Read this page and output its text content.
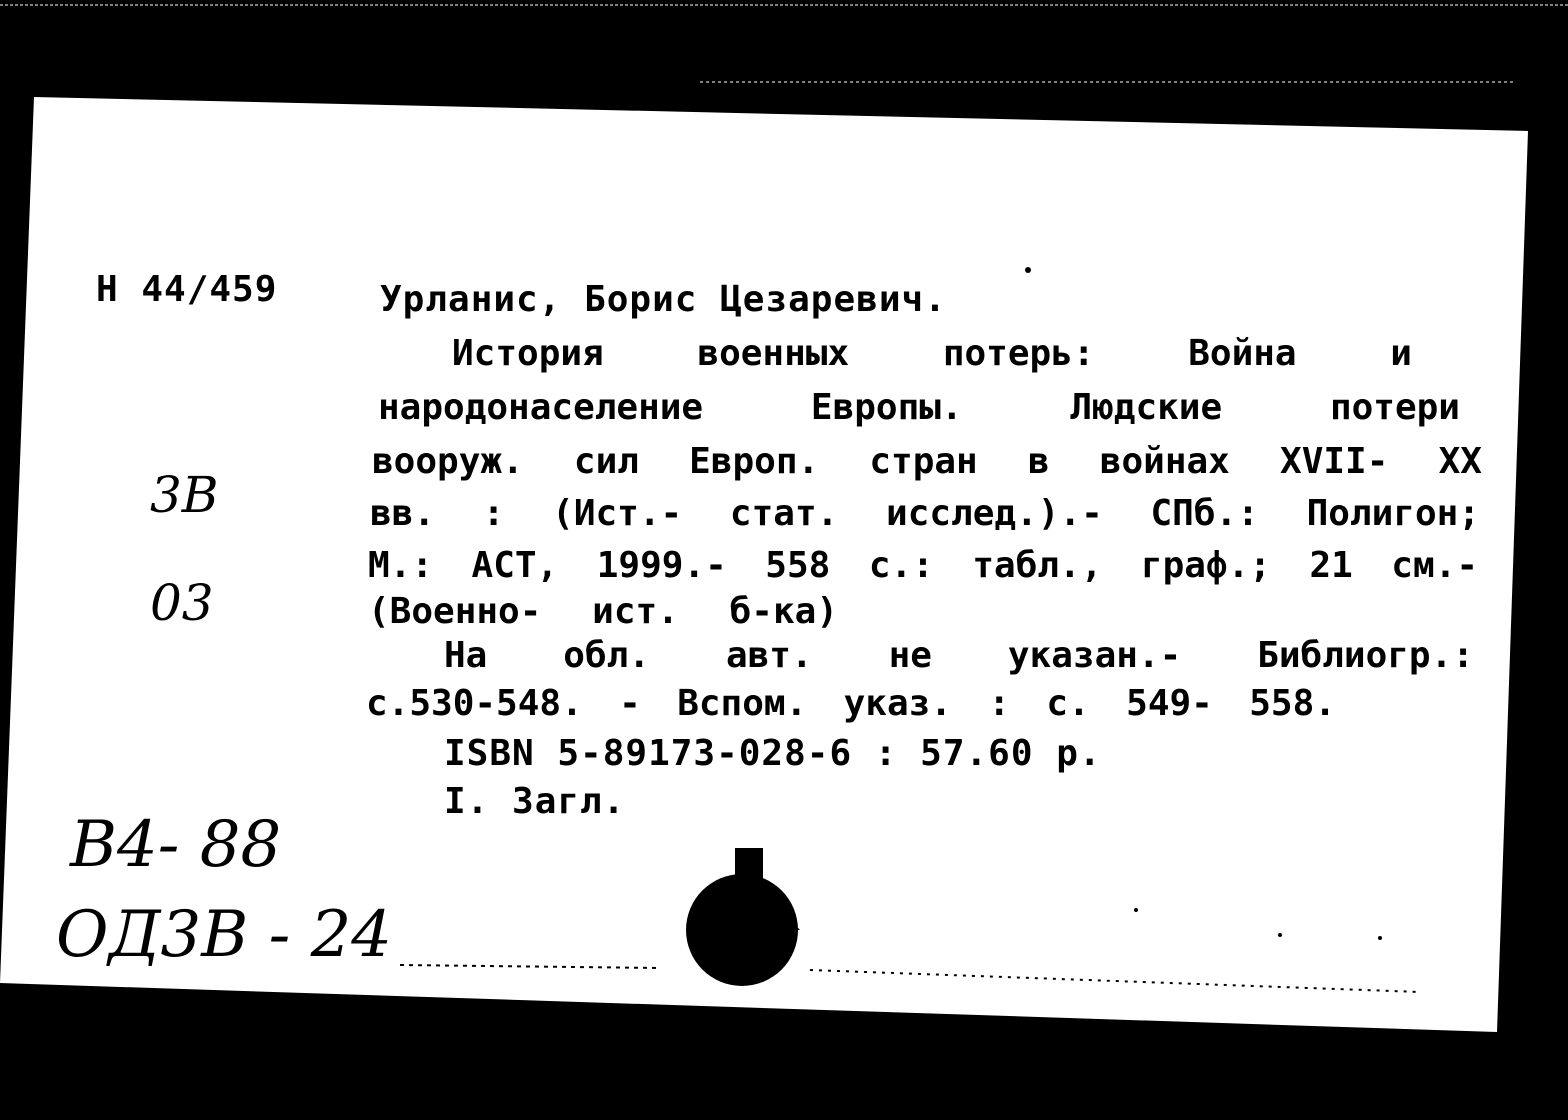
Н 44/459	Урланис, Борис Цезаревич.
История	военных	потерь:	Война	и
народонаселение	Европы.	Людские	потери
вооруж. сил Европ. стран в войнах XVII- XX
вв. : (Ист.- стат. исслед.).- СПб.: Полигон;
М.: АСТ, 1999.- 558 с.: табл., граф.; 21 см.-
(Военно- ист. б-ка)
На обл. авт. не указан.- Библиогр.:
с.530-548. - Вспом. указ. : с. 549- 558.
ISBN 5-89173-028-6 : 57.60 р.
I. Загл.
3B
03
B4- 88
ОД3B - 24
